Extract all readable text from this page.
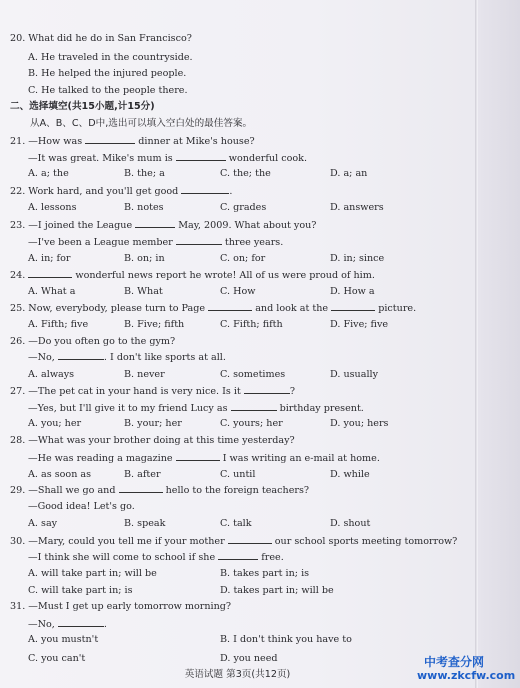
20. What did he do in San Francisco?
A. He traveled in the countryside.
B. He helped the injured people.
C. He talked to the people there.
二、选择填空(共15小题,计15分)
从A、B、C、D中,选出可以填入空白处的最佳答案。
英语试题 第3页(共12页)
中考查分网
www.zkcfw.com
21. —How was	dinner at Mike's house?
—It was great. Mike's mum is	wonderful cook.
A. a; the	B. the; a	C. the; the	D. a; an
22. Work hard, and you'll get good	.
A. lessons	B. notes	C. grades	D. answers
23. —I joined the League	May, 2009. What about you?
—I've been a League member	three years.
A. in; for	B. on; in	C. on; for	D. in; since
24.	wonderful news report he wrote! All of us were proud of him.
A. What a	B. What	C. How	D. How a
25. Now, everybody, please turn to Page	and look at the	picture.
A. Fifth; five	B. Five; fifth	C. Fifth; fifth	D. Five; five
26. —Do you often go to the gym?
—No,	. I don't like sports at all.
A. always	B. never	C. sometimes	D. usually
27. —The pet cat in your hand is very nice. Is it	?
—Yes, but I'll give it to my friend Lucy as	birthday present.
A. you; her	B. your; her	C. yours; her	D. you; hers
28. —What was your brother doing at this time yesterday?
—He was reading a magazine	I was writing an e-mail at home.
A. as soon as	B. after	C. until	D. while
29. —Shall we go and	hello to the foreign teachers?
—Good idea! Let's go.
A. say	B. speak	C. talk	D. shout
30. —Mary, could you tell me if your mother	our school sports meeting tomorrow?
—I think she will come to school if she	free.
A. will take part in; will be	B. takes part in; is
C. will take part in; is	D. takes part in; will be
31. —Must I get up early tomorrow morning?
—No,	.
A. you mustn't	B. I don't think you have to
C. you can't	D. you need
